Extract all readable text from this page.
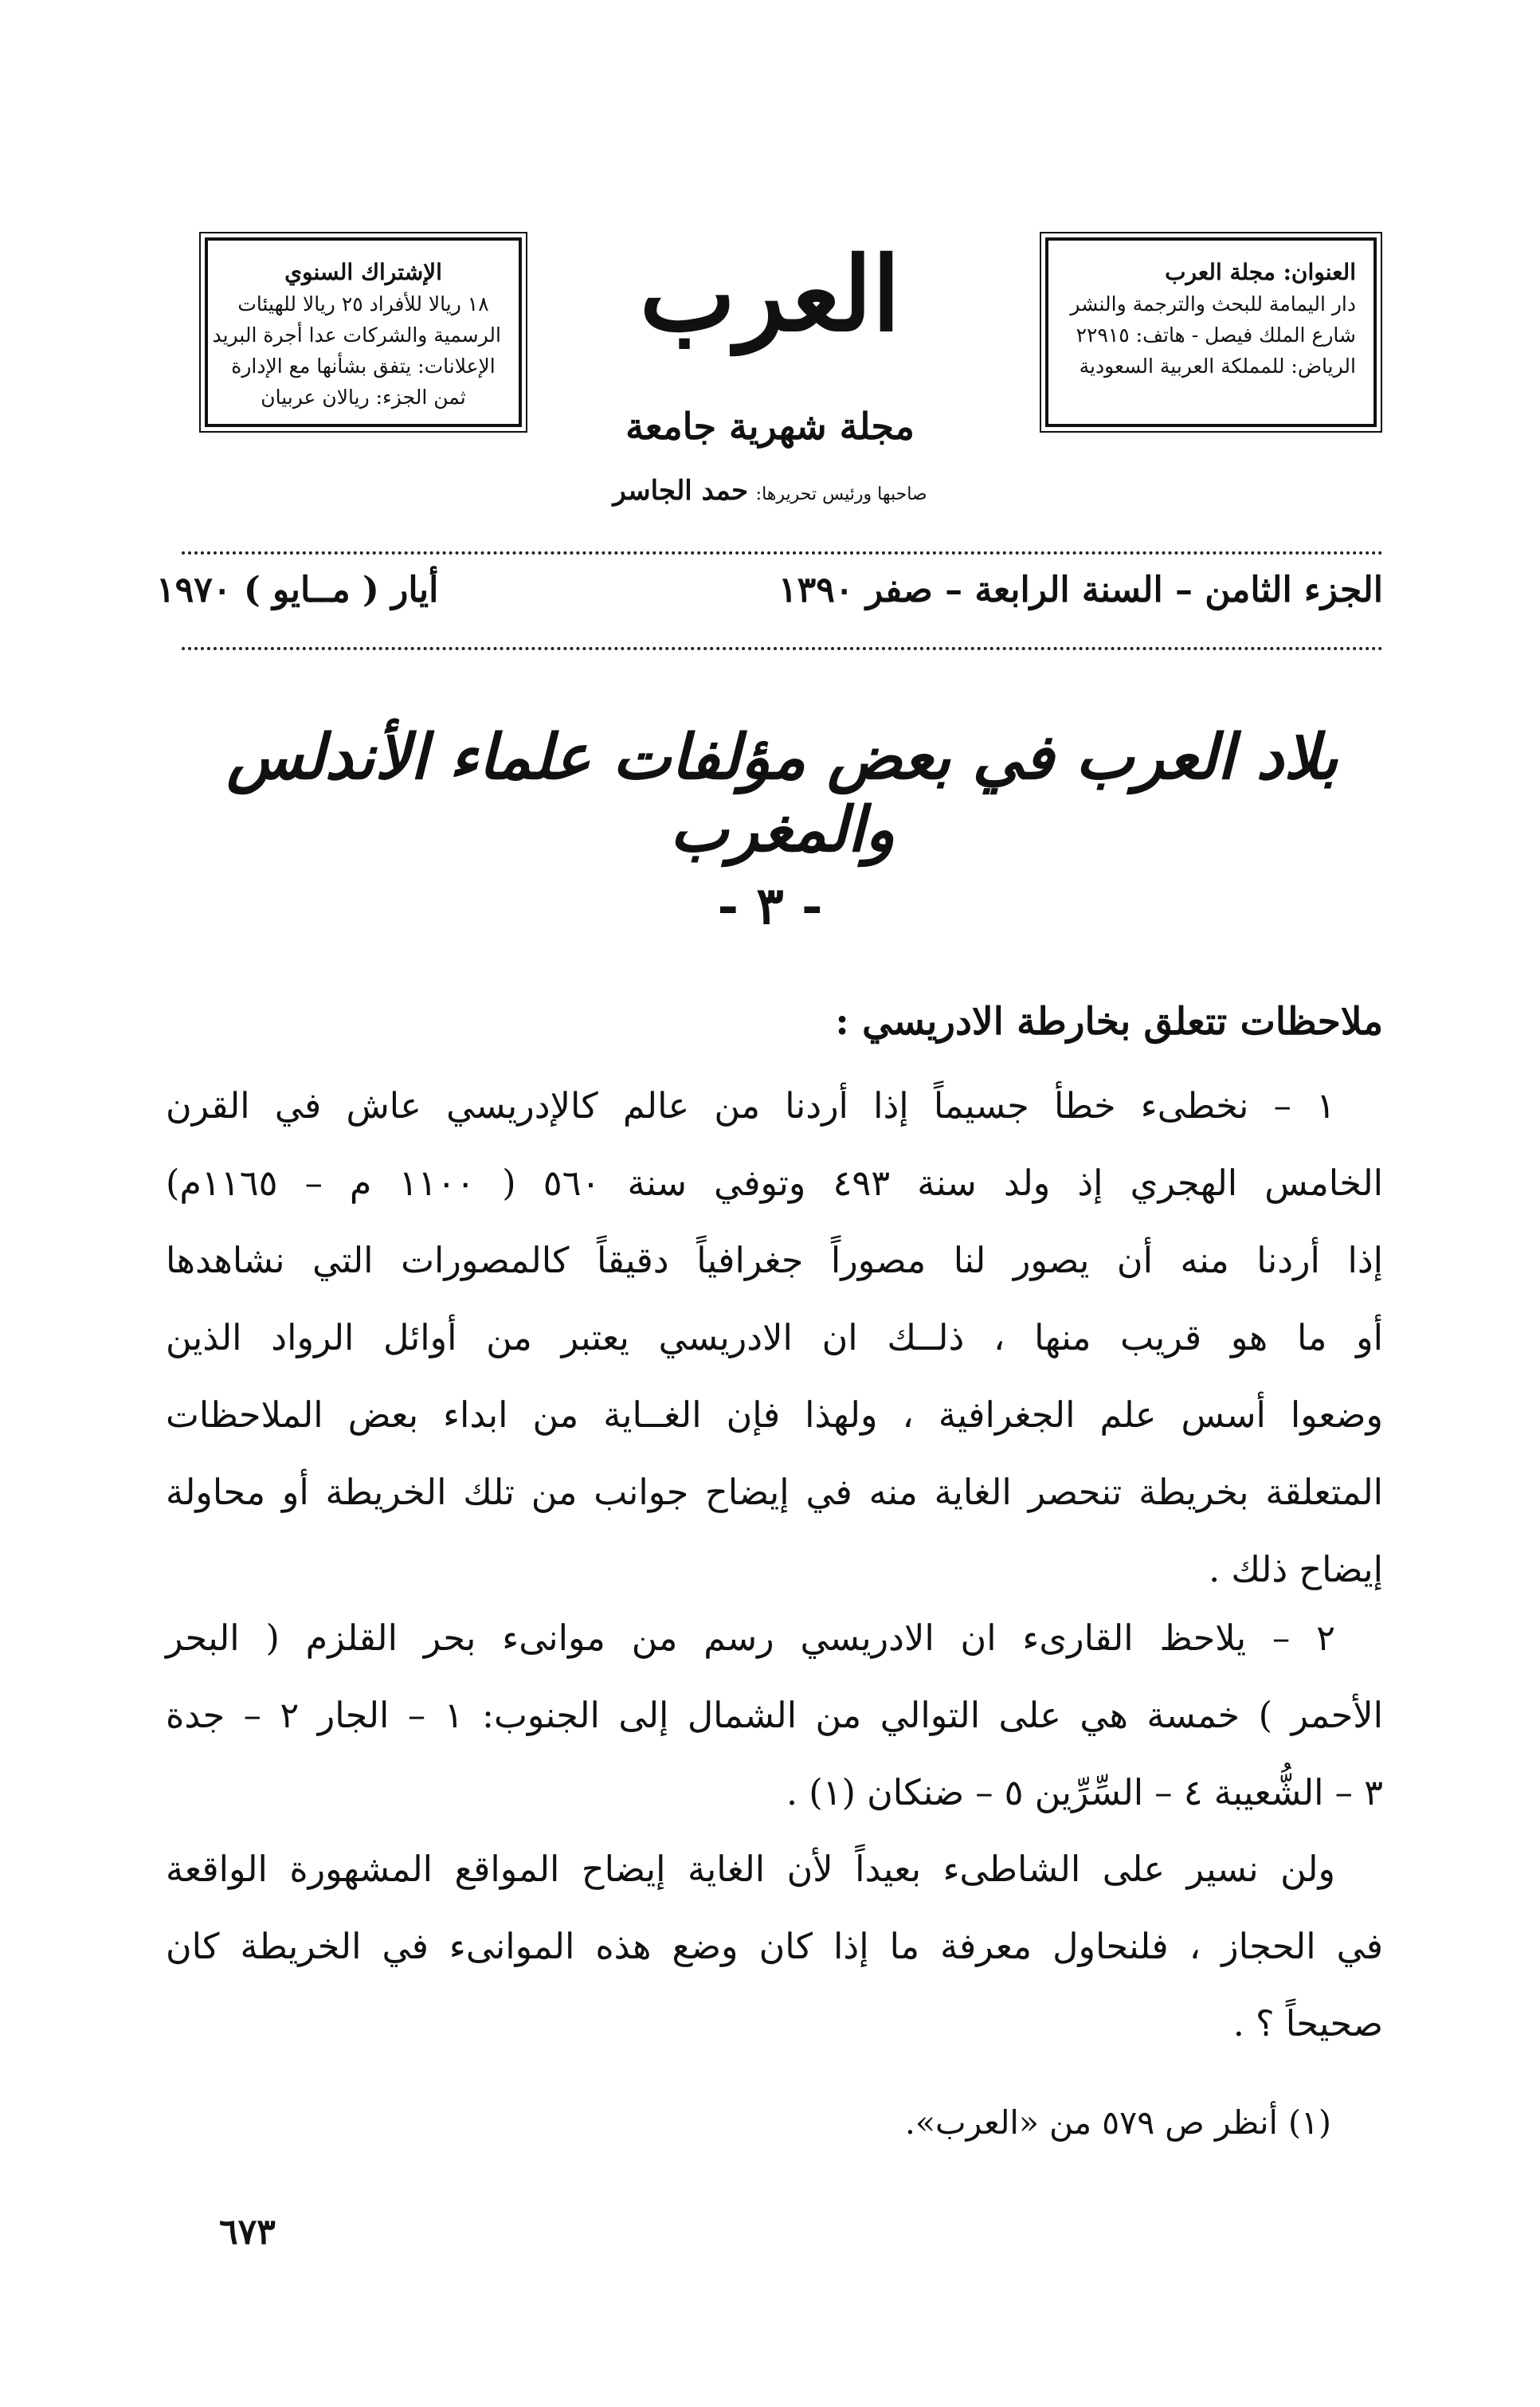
العنوان: مجلة العرب
دار اليمامة للبحث والترجمة والنشر
شارع الملك فيصل - هاتف: ٢٢٩١٥
الرياض: للمملكة العربية السعودية
العرب
مجلة شهرية جامعة
صاحبها ورئيس تحريرها: حمد الجاسر
الإشتراك السنوي
١٨ ريالا للأفراد ٢٥ ريالا للهيئات
الرسمية والشركات عدا أجرة البريد
الإعلانات: يتفق بشأنها مع الإدارة
ثمن الجزء: ريالان عربيان
الجزء الثامن – السنة الرابعة – صفر ١٣٩٠
أيار ( مــايو ) ١٩٧٠
بلاد العرب في بعض مؤلفات علماء الأندلس والمغرب
- ٣ -
ملاحظات تتعلق بخارطة الادريسي :
١ – نخطىء خطأ جسيماً إذا أردنا من عالم كالإدريسي عاش في القرن
الخامس الهجري إذ ولد سنة ٤٩٣ وتوفي سنة ٥٦٠ ( ١١٠٠ م – ١١٦٥م)
إذا أردنا منه أن يصور لنا مصوراً جغرافياً دقيقاً كالمصورات التي نشاهدها
أو ما هو قريب منها ، ذلــك ان الادريسي يعتبر من أوائل الرواد الذين
وضعوا أسس علم الجغرافية ، ولهذا فإن الغــاية من ابداء بعض الملاحظات
المتعلقة بخريطة تنحصر الغاية منه في إيضاح جوانب من تلك الخريطة أو محاولة
إيضاح ذلك .
٢ – يلاحظ القارىء ان الادريسي رسم من موانىء بحر القلزم ( البحر
الأحمر ) خمسة هي على التوالي من الشمال إلى الجنوب: ١ – الجار ٢ – جدة
٣ – الشُّعيبة ٤ – السِّرِّين ٥ – ضنكان (١) .
ولن نسير على الشاطىء بعيداً لأن الغاية إيضاح المواقع المشهورة الواقعة
في الحجاز ، فلنحاول معرفة ما إذا كان وضع هذه الموانىء في الخريطة كان
صحيحاً ؟ .
(١) أنظر ص ٥٧٩ من «العرب».
٦٧٣
